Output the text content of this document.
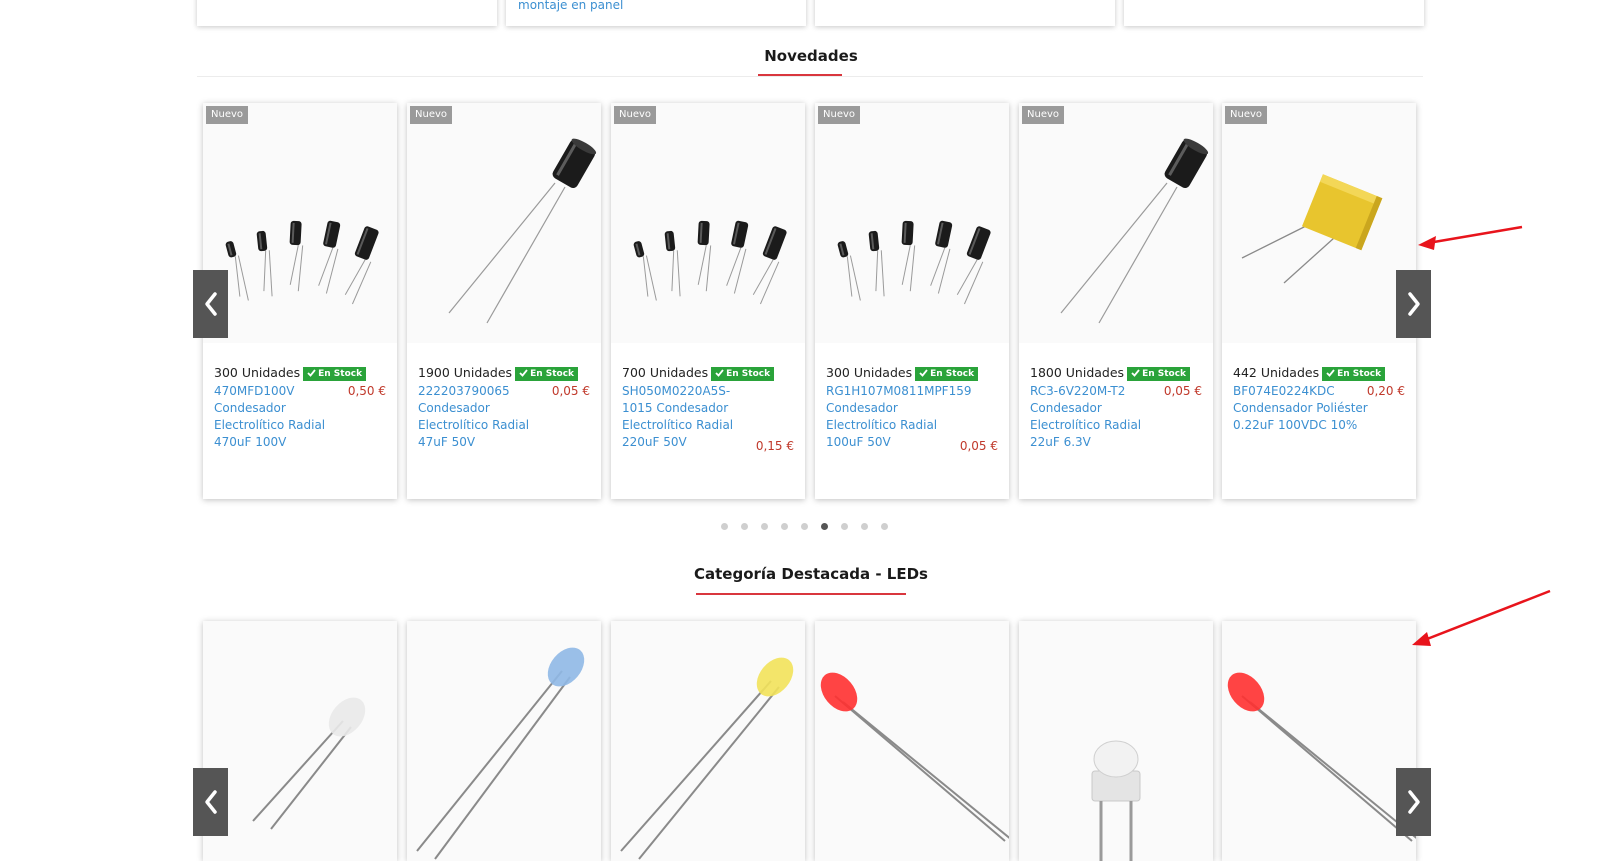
montaje en panel
Novedades
Nuevo
300 Unidades En Stock
470MFD100V Condesador Electrolítico Radial 470uF 100V
0,50 €
Nuevo
1900 Unidades En Stock
222203790065 Condesador Electrolítico Radial 47uF 50V
0,05 €
Nuevo
700 Unidades En Stock
SH050M0220A5S-1015 Condesador Electrolítico Radial 220uF 50V	0,15 €
Nuevo
300 Unidades En Stock
RG1H107M0811MPF159 Condesador Electrolítico Radial 100uF 50V	0,05 €
Nuevo
1800 Unidades En Stock
RC3-6V220M-T2 Condesador Electrolítico Radial 22uF 6.3V
0,05 €
Nuevo
442 Unidades En Stock
BF074E0224KDC Condensador Poliéster 0.22uF 100VDC 10%
0,20 €
Categoría Destacada - LEDs
